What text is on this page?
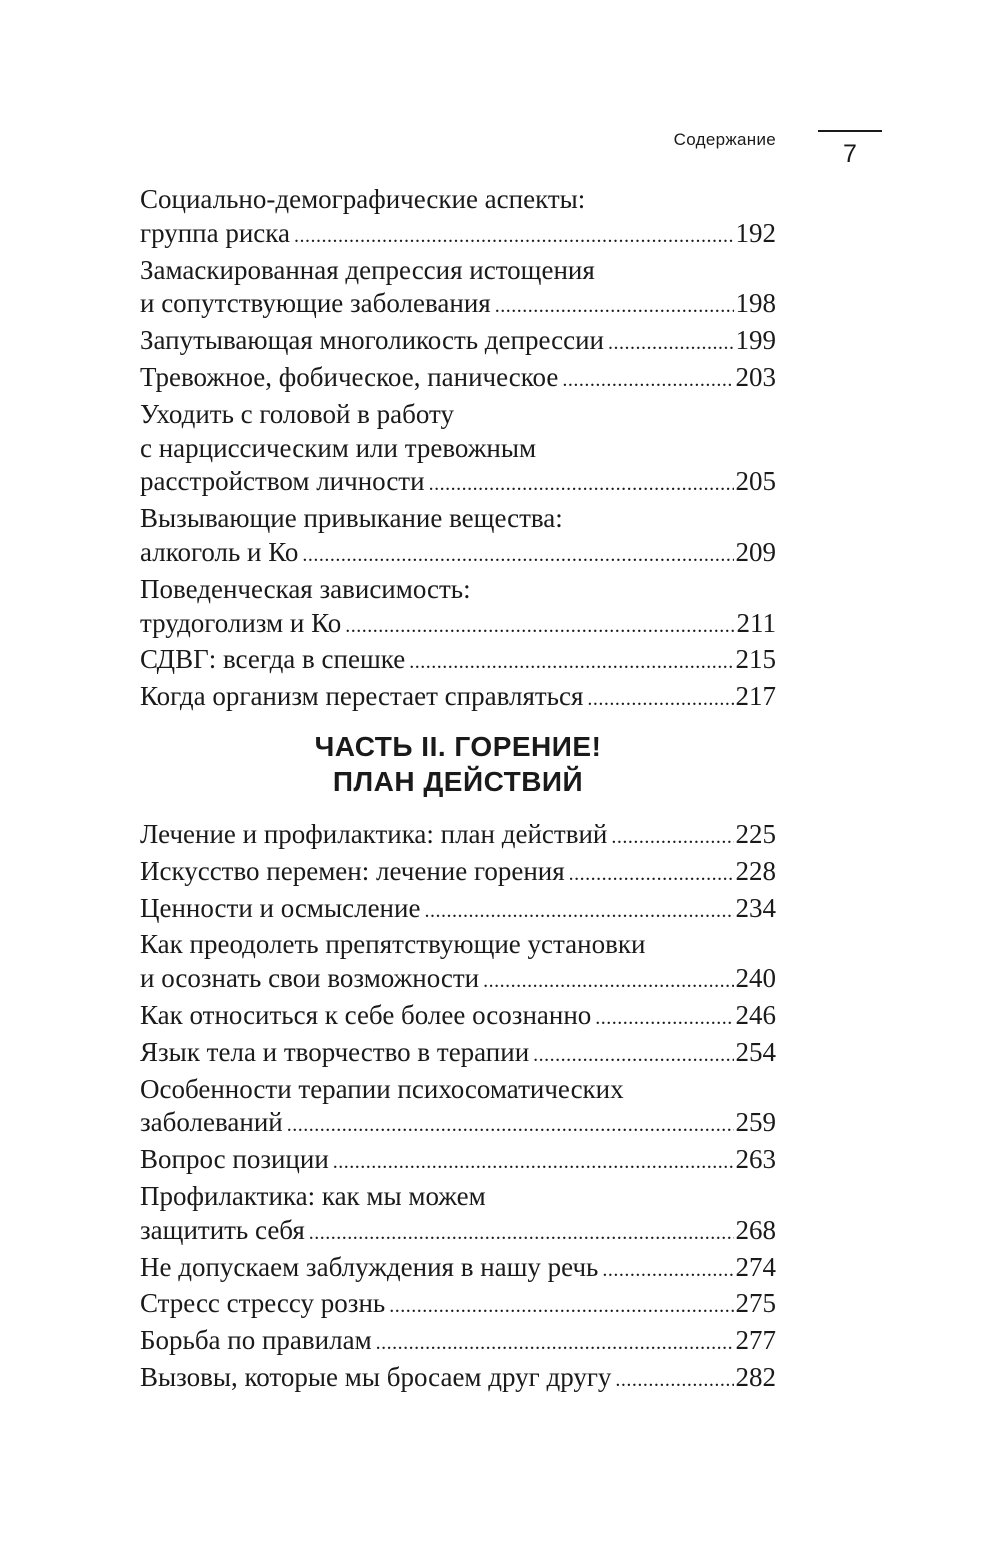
Содержание
7
Социально-демографические аспекты:
группа риска .....	192
Замаскированная депрессия истощения
и сопутствующие заболевания .....	198
Запутывающая многоликость депрессии .....	199
Тревожное, фобическое, паническое .....	203
Уходить с головой в работу
с нарциссическим или тревожным
расстройством личности .....	205
Вызывающие привыкание вещества:
алкоголь и Ко .....	209
Поведенческая зависимость:
трудоголизм и Ко .....	211
СДВГ: всегда в спешке .....	215
Когда организм перестает справляться .....	217
ЧАСТЬ II. ГОРЕНИЕ!
ПЛАН ДЕЙСТВИЙ
Лечение и профилактика: план действий .....	225
Искусство перемен: лечение горения .....	228
Ценности и осмысление .....	234
Как преодолеть препятствующие установки
и осознать свои возможности .....	240
Как относиться к себе более осознанно .....	246
Язык тела и творчество в терапии .....	254
Особенности терапии психосоматических
заболеваний .....	259
Вопрос позиции .....	263
Профилактика: как мы можем
защитить себя .....	268
Не допускаем заблуждения в нашу речь .....	274
Стресс стрессу рознь .....	275
Борьба по правилам .....	277
Вызовы, которые мы бросаем друг другу .....	282
